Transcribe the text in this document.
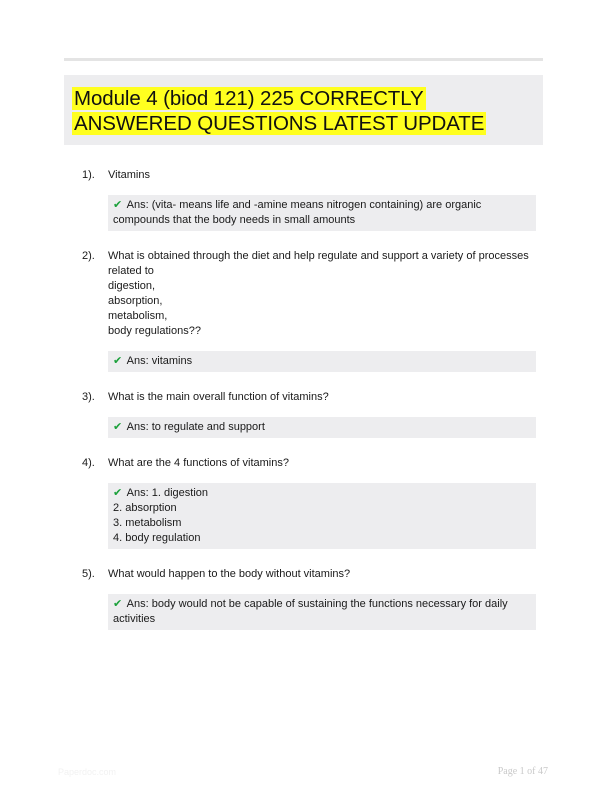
Module 4 (biod 121) 225 CORRECTLY ANSWERED QUESTIONS LATEST UPDATE
1). Vitamins
✔ Ans: (vita- means life and -amine means nitrogen containing) are organic compounds that the body needs in small amounts
2). What is obtained through the diet and help regulate and support a variety of processes related to
digestion,
absorption,
metabolism,
body regulations??
✔ Ans: vitamins
3). What is the main overall function of vitamins?
✔ Ans: to regulate and support
4). What are the 4 functions of vitamins?
✔ Ans: 1. digestion
2. absorption
3. metabolism
4. body regulation
5). What would happen to the body without vitamins?
✔ Ans: body would not be capable of sustaining the functions necessary for daily activities
Paperdoc.com	Page 1 of 47
